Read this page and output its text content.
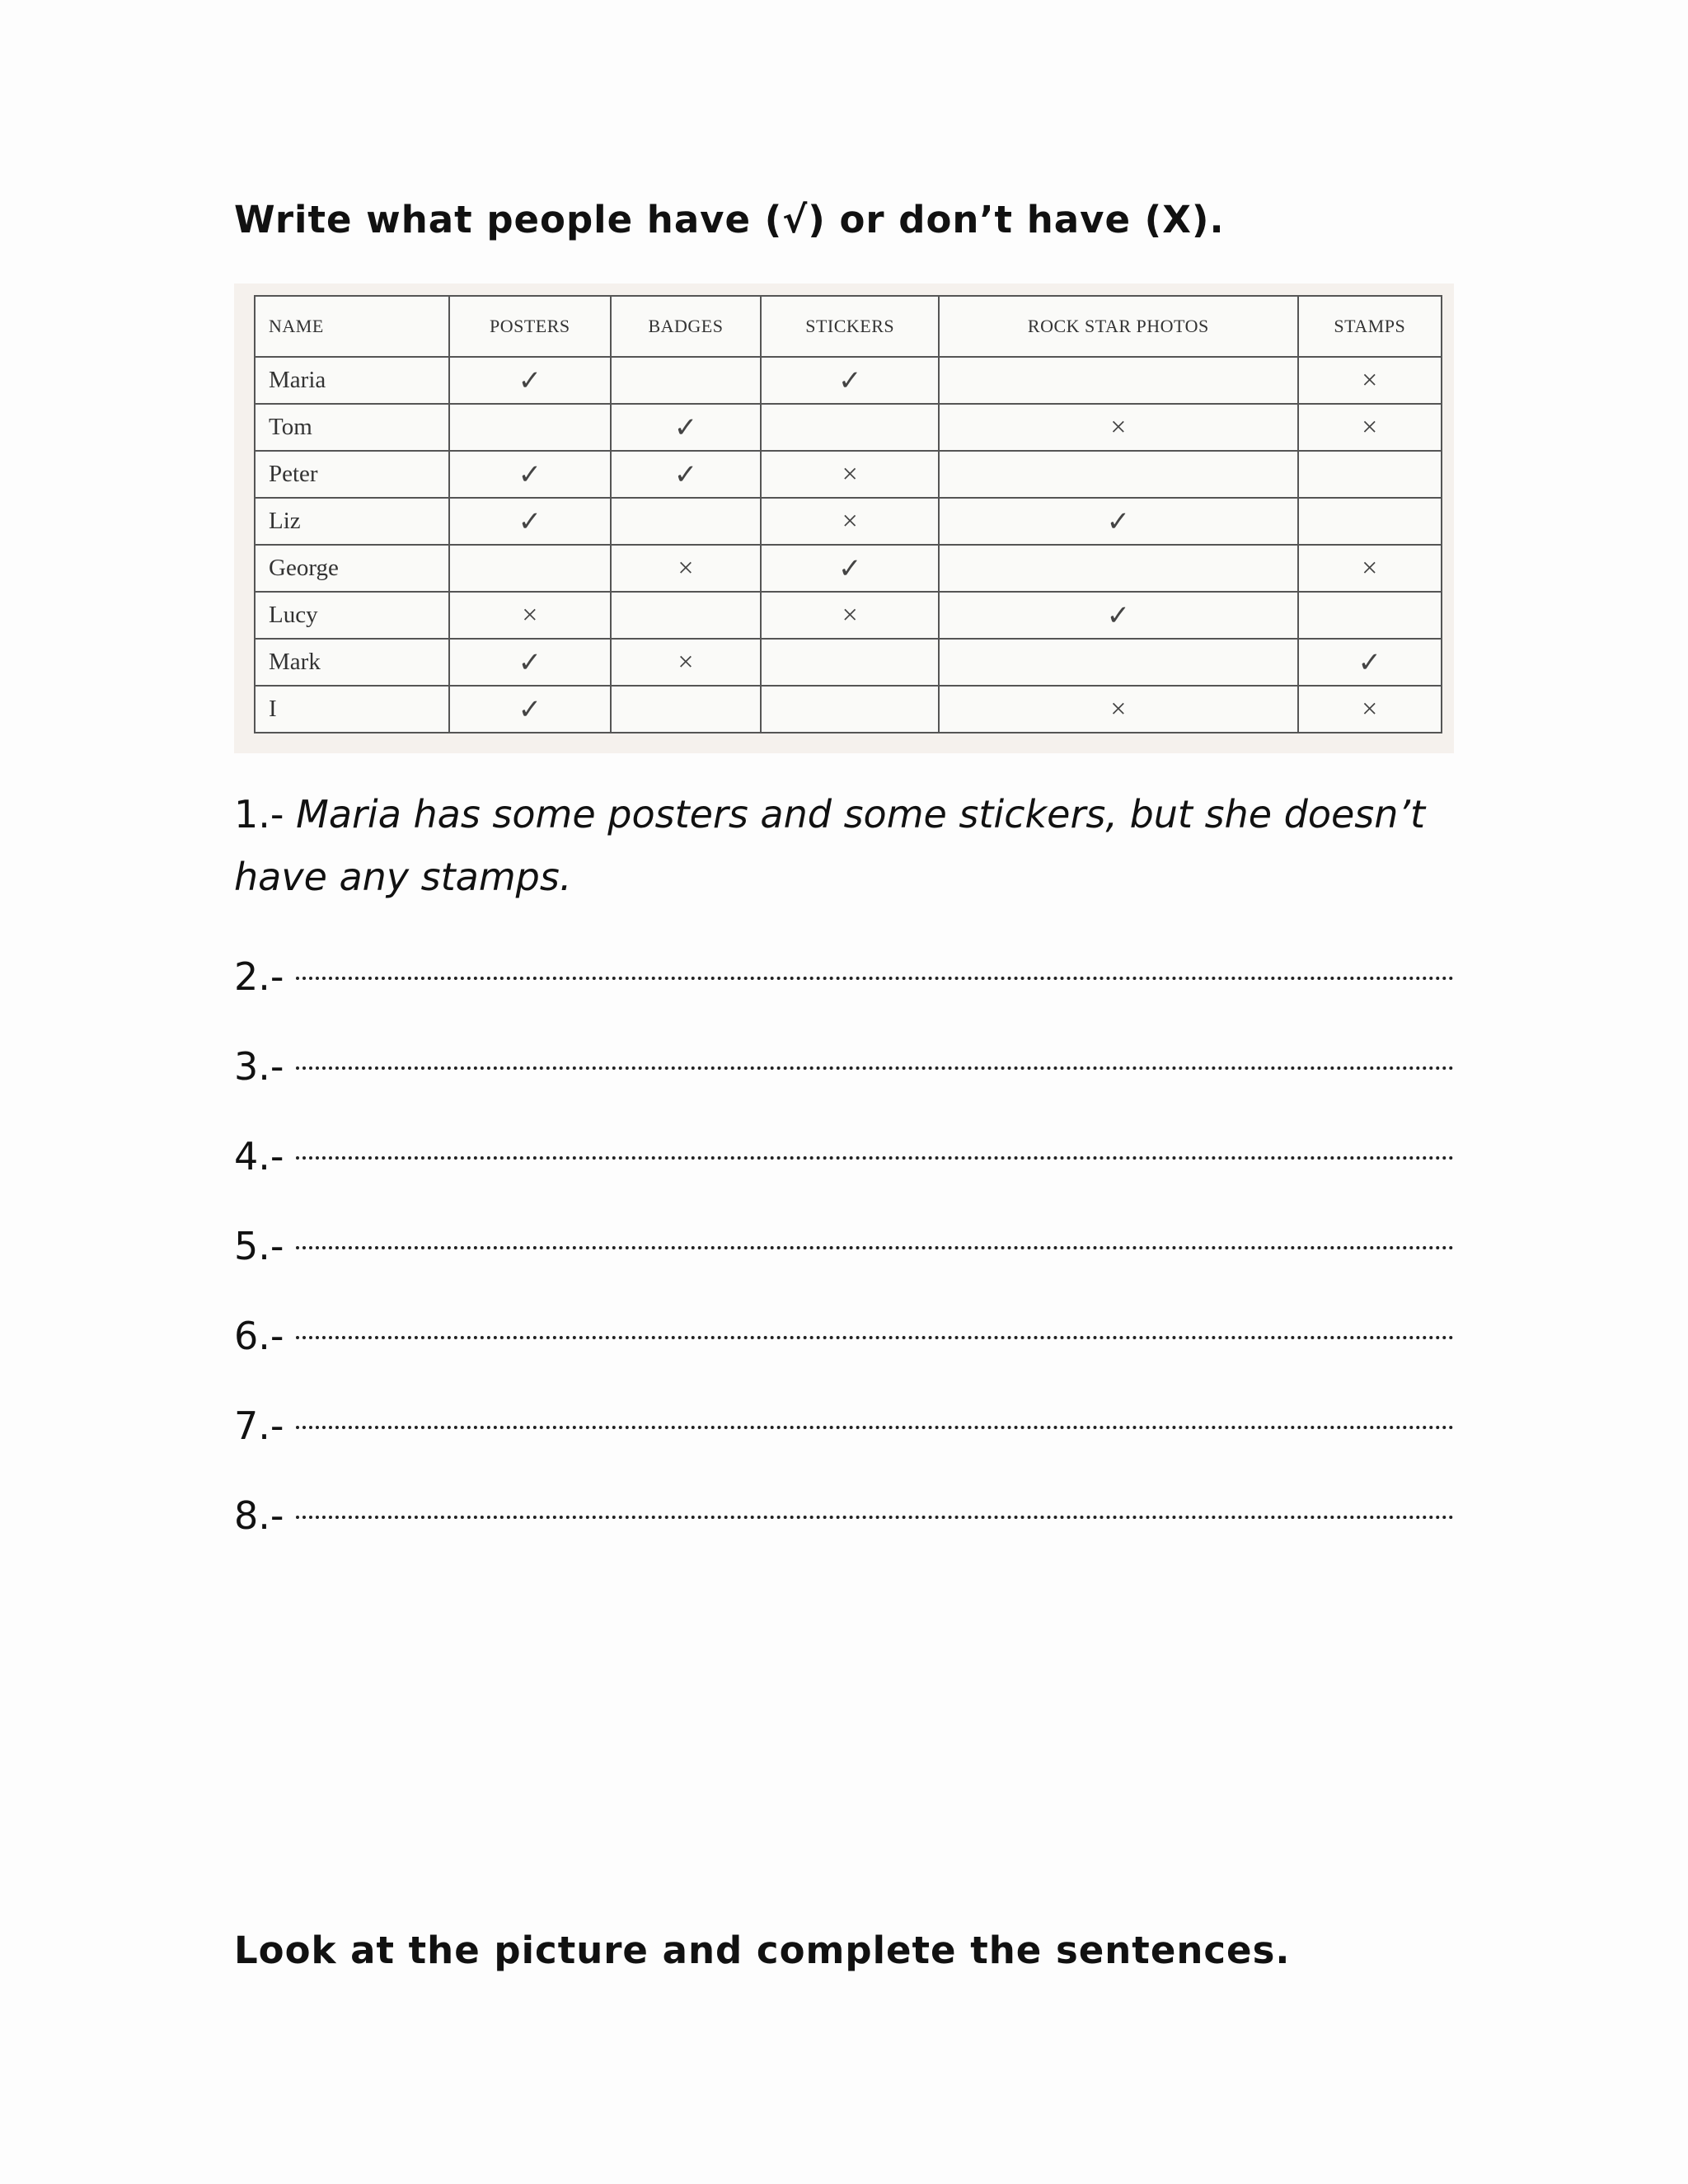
Write what people have (√) or don’t have (X).
NAME	POSTERS	BADGES	STICKERS	ROCK STAR PHOTOS	STAMPS
Maria	✓		✓		×
Tom		✓		×	×
Peter	✓	✓	×		
Liz	✓		×	✓	
George		×	✓		×
Lucy	×		×	✓	
Mark	✓	×			✓
I	✓			×	×

1.- Maria has some posters and some stickers, but she doesn’t have any stamps.

2.-
3.-
4.-
5.-
6.-
7.-
8.-
Look at the picture and complete the sentences.
